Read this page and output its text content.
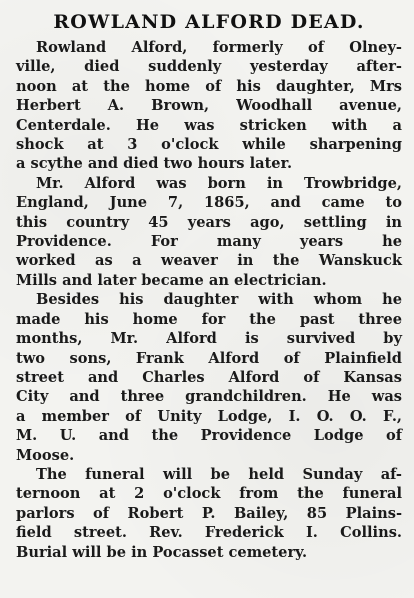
ROWLAND ALFORD DEAD.

Rowland Alford, formerly of Olney-
ville, died suddenly yesterday after-
noon at the home of his daughter, Mrs
Herbert A. Brown, Woodhall avenue,
Centerdale. He was stricken with a
shock at 3 o'clock while sharpening
a scythe and died two hours later.

Mr. Alford was born in Trowbridge,
England, June 7, 1865, and came to
this country 45 years ago, settling in
Providence. For many years he
worked as a weaver in the Wanskuck
Mills and later became an electrician.

Besides his daughter with whom he
made his home for the past three
months, Mr. Alford is survived by
two sons, Frank Alford of Plainfield
street and Charles Alford of Kansas
City and three grandchildren. He was
a member of Unity Lodge, I. O. O. F.,
M. U. and the Providence Lodge of
Moose.

The funeral will be held Sunday af-
ternoon at 2 o'clock from the funeral
parlors of Robert P. Bailey, 85 Plains-
field street. Rev. Frederick I. Collins.
Burial will be in Pocasset cemetery.
